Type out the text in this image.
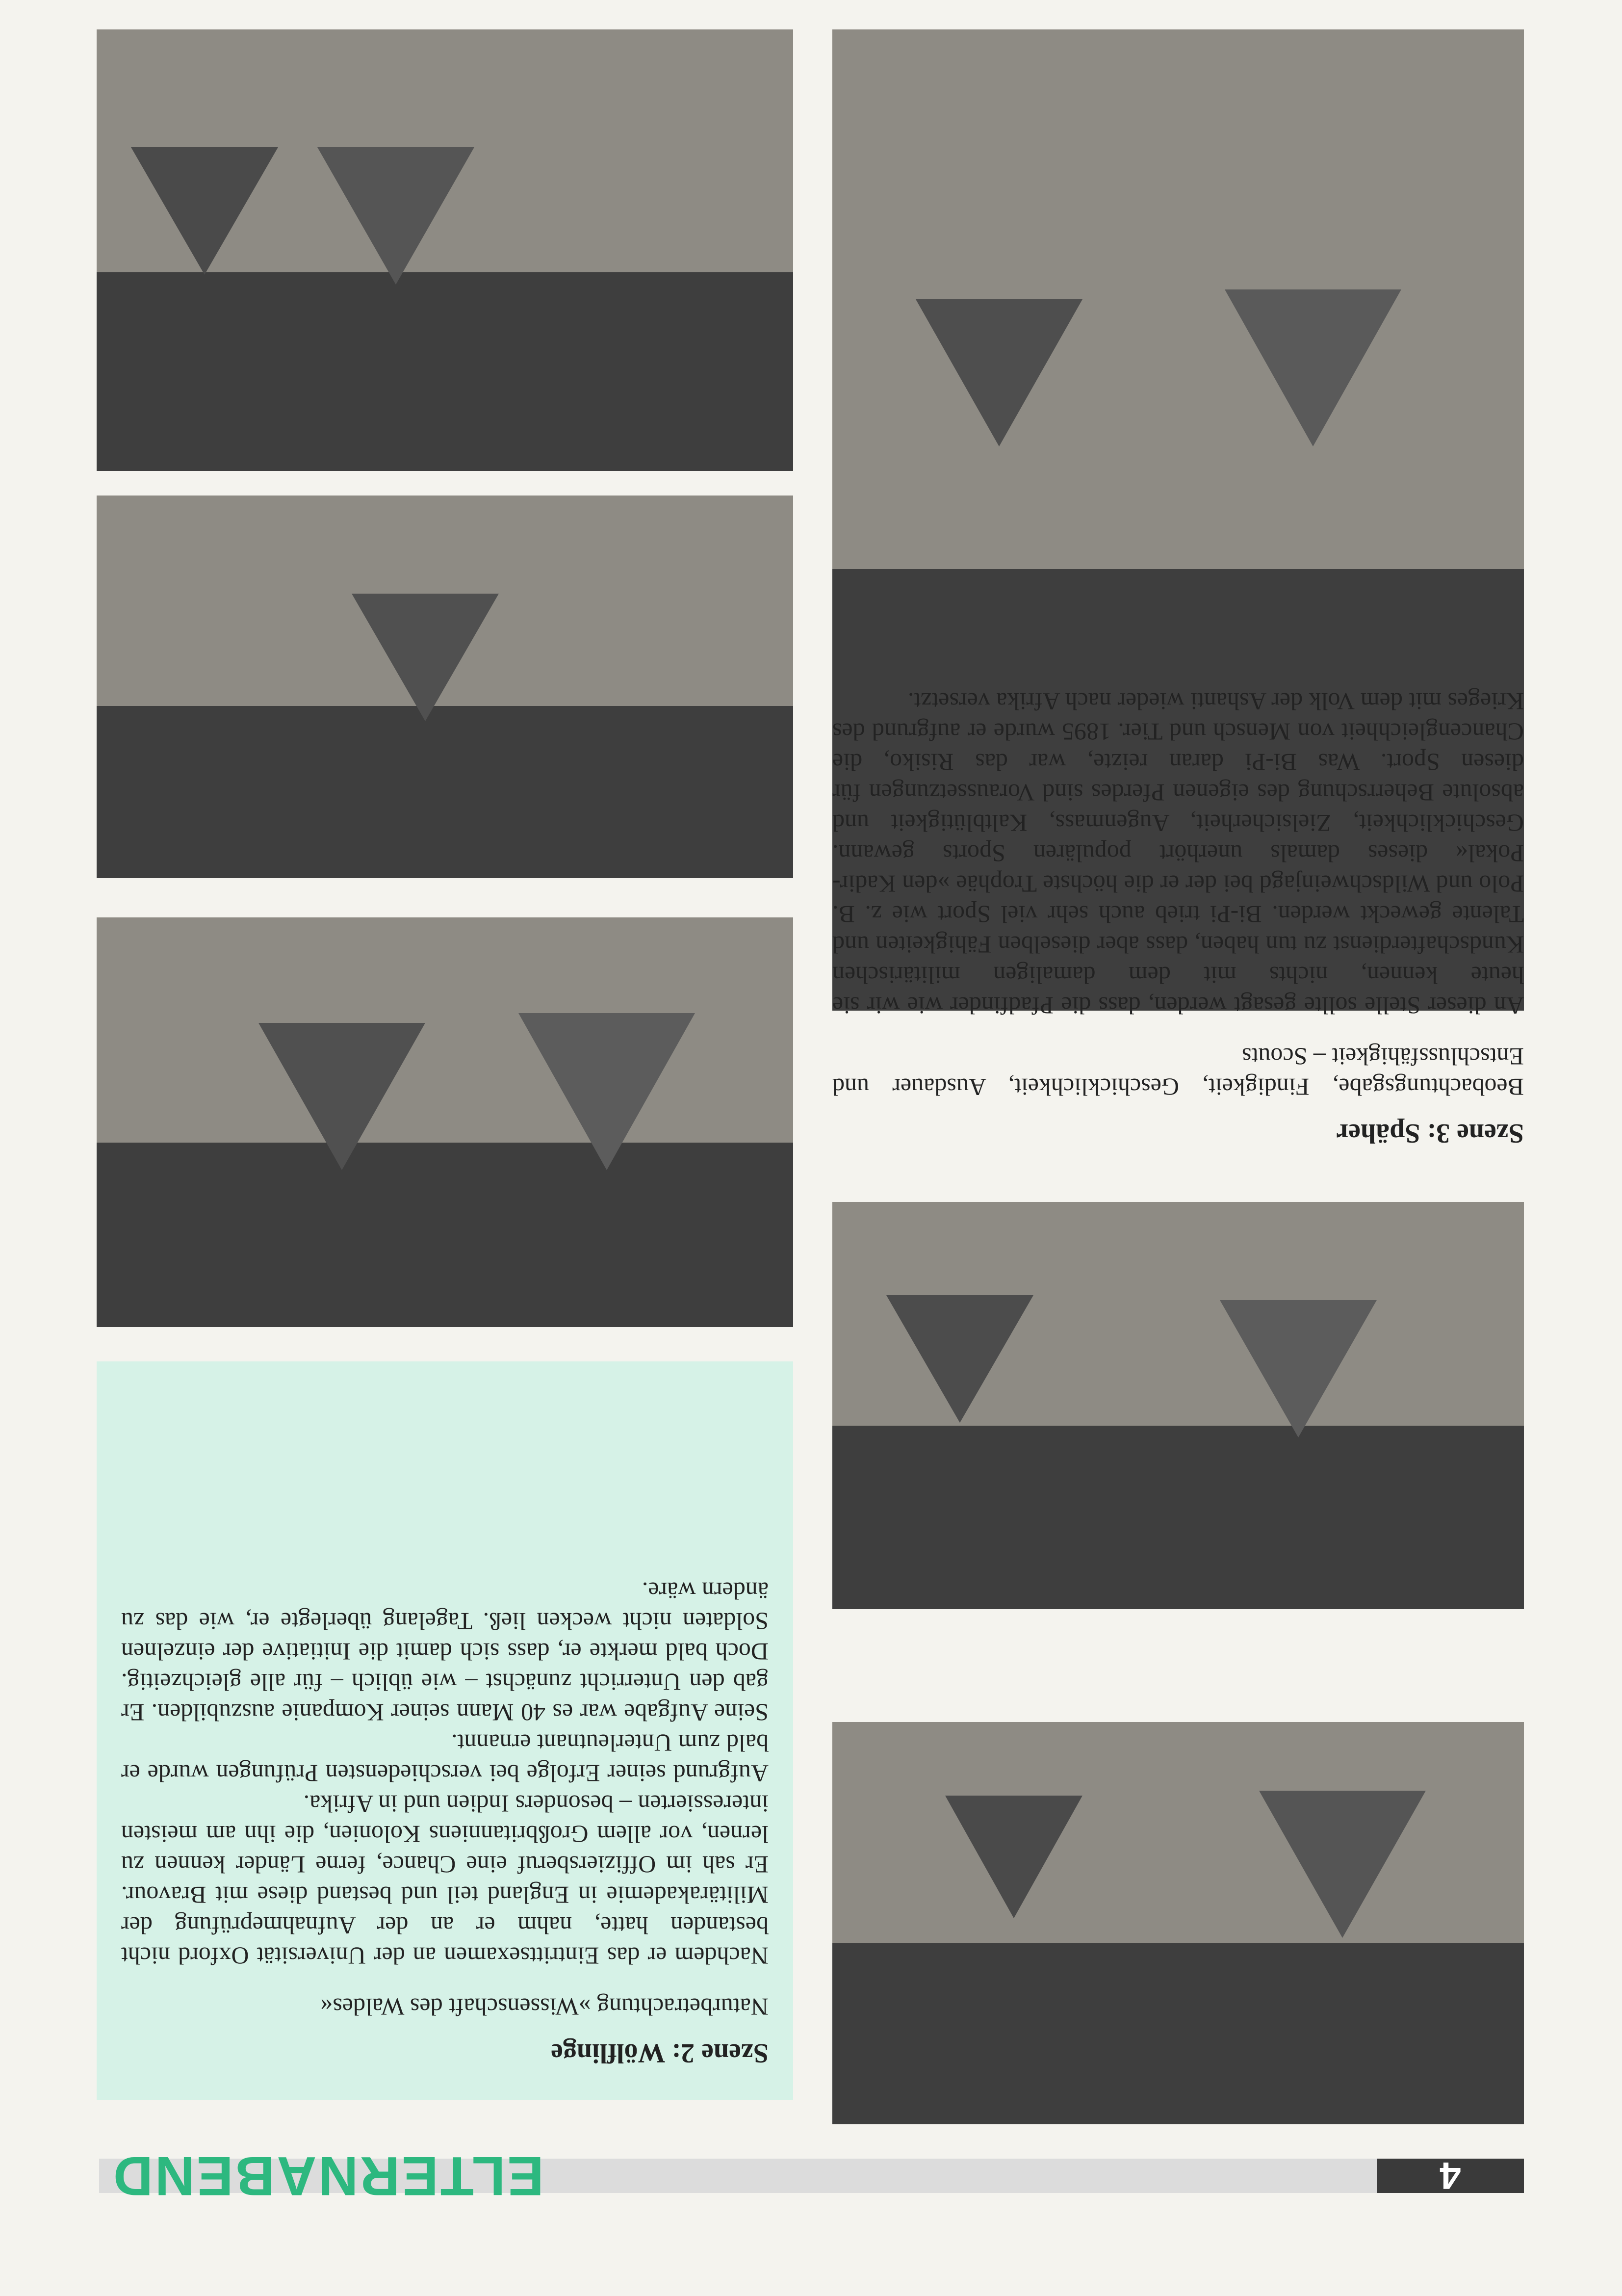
4
ELTERNABEND
Szene 3: Späher

Beobachtungsgabe, Findigkeit, Geschicklichkeit, Ausdauer und Entschlussfähigkeit – Scouts

An dieser Stelle sollte gesagt werden, dass die Pfadfinder wie wir sie heute kennen, nichts mit dem damaligen militärischen Kundschafterdienst zu tun haben, dass aber dieselben Fähigkeiten und Talente geweckt werden. Bi-Pi trieb auch sehr viel Sport wie z. B. Polo und Wildschweinjagd bei der er die höchste Trophäe »den Kadir-Pokal« dieses damals unerhört populären Sports gewann. Geschicklichkeit, Zielsicherheit, Augenmass, Kaltblütigkeit und absolute Beherrschung des eigenen Pferdes sind Voraussetzungen für diesen Sport. Was Bi-Pi daran reizte, war das Risiko, die Chancengleichheit von Mensch und Tier. 1895 wurde er aufgrund des Krieges mit dem Volk der Ashanti wieder nach Afrika versetzt.

Szene 2: Wölflinge

Naturbetrachtung »Wissenschaft des Waldes«

Nachdem er das Eintrittsexamen an der Universität Oxford nicht bestanden hatte, nahm er an der Aufnahmeprüfung der Militärakademie in England teil und bestand diese mit Bravour. Er sah im Offiziersberuf eine Chance, ferne Länder kennen zu lernen, vor allem Großbritanniens Kolonien, die ihn am meisten interessierten – besonders Indien und in Afrika.

Aufgrund seiner Erfolge bei verschiedensten Prüfungen wurde er bald zum Unterleutnant ernannt.

Seine Aufgabe war es 40 Mann seiner Kompanie auszubilden. Er gab den Unterricht zunächst – wie üblich – für alle gleichzeitig. Doch bald merkte er, dass sich damit die Initiative der einzelnen Soldaten nicht wecken ließ. Tagelang überlegte er, wie das zu ändern wäre.
